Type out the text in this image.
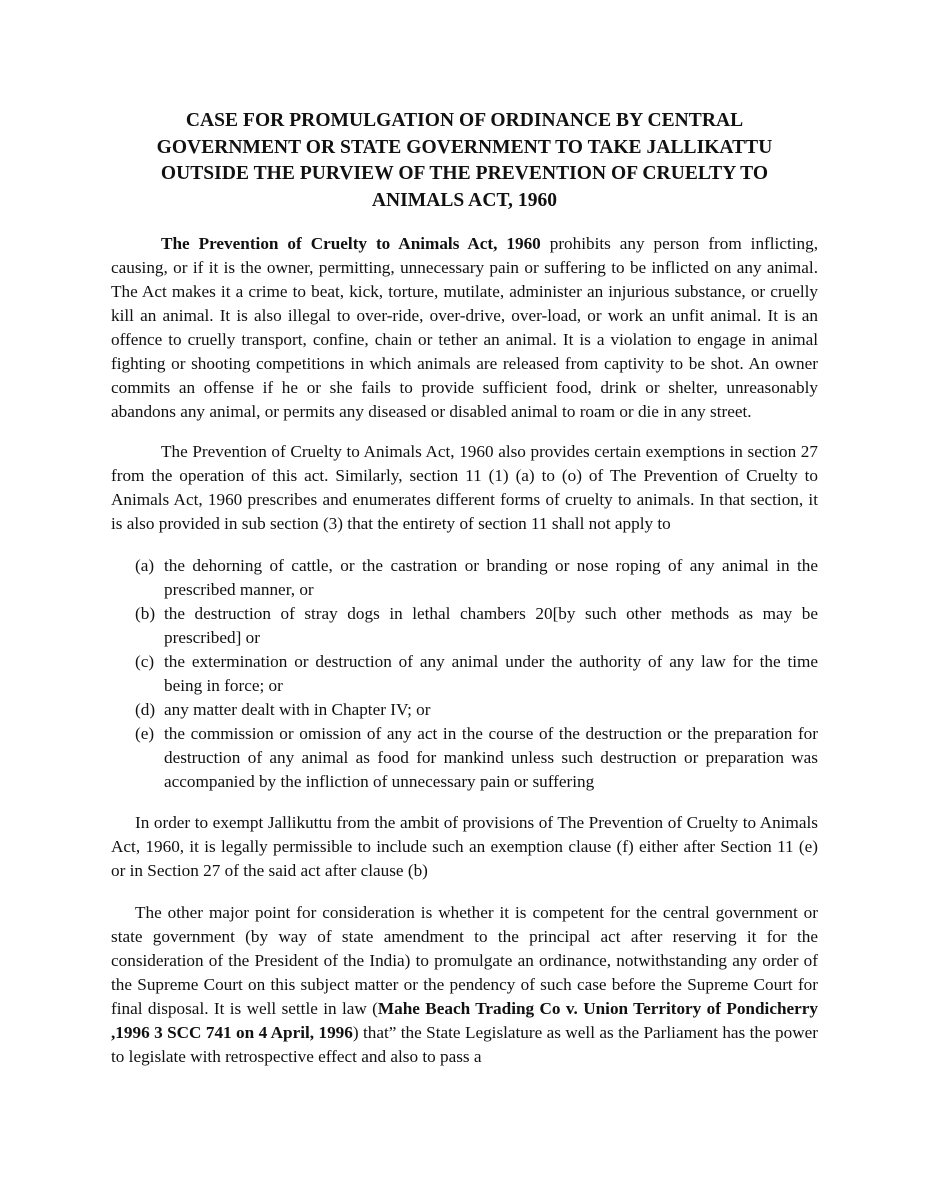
CASE FOR PROMULGATION OF ORDINANCE BY CENTRAL
GOVERNMENT OR STATE GOVERNMENT TO TAKE JALLIKATTU
OUTSIDE THE PURVIEW OF THE PREVENTION OF CRUELTY TO
ANIMALS ACT, 1960

The Prevention of Cruelty to Animals Act, 1960 prohibits any person from inflicting, causing, or if it is the owner, permitting, unnecessary pain or suffering to be inflicted on any animal. The Act makes it a crime to beat, kick, torture, mutilate, administer an injurious substance, or cruelly kill an animal. It is also illegal to over-ride, over-drive, over-load, or work an unfit animal. It is an offence to cruelly transport, confine, chain or tether an animal. It is a violation to engage in animal fighting or shooting competitions in which animals are released from captivity to be shot. An owner commits an offense if he or she fails to provide sufficient food, drink or shelter, unreasonably abandons any animal, or permits any diseased or disabled animal to roam or die in any street.

The Prevention of Cruelty to Animals Act, 1960 also provides certain exemptions in section 27 from the operation of this act. Similarly, section 11 (1) (a) to (o) of The Prevention of Cruelty to Animals Act, 1960 prescribes and enumerates different forms of cruelty to animals. In that section, it is also provided in sub section (3) that the entirety of section 11 shall not apply to

(a) the dehorning of cattle, or the castration or branding or nose roping of any animal in the prescribed manner, or
(b) the destruction of stray dogs in lethal chambers 20[by such other methods as may be prescribed] or
(c) the extermination or destruction of any animal under the authority of any law for the time being in force; or
(d) any matter dealt with in Chapter IV; or
(e) the commission or omission of any act in the course of the destruction or the preparation for destruction of any animal as food for mankind unless such destruction or preparation was accompanied by the infliction of unnecessary pain or suffering

In order to exempt Jallikuttu from the ambit of provisions of The Prevention of Cruelty to Animals Act, 1960, it is legally permissible to include such an exemption clause (f) either after Section 11 (e) or in Section 27 of the said act after clause (b)

The other major point for consideration is whether it is competent for the central government or state government (by way of state amendment to the principal act after reserving it for the consideration of the President of the India) to promulgate an ordinance, notwithstanding any order of the Supreme Court on this subject matter or the pendency of such case before the Supreme Court for final disposal. It is well settle in law (Mahe Beach Trading Co v. Union Territory of Pondicherry ,1996 3 SCC 741 on 4 April, 1996) that” the State Legislature as well as the Parliament has the power to legislate with retrospective effect and also to pass a
